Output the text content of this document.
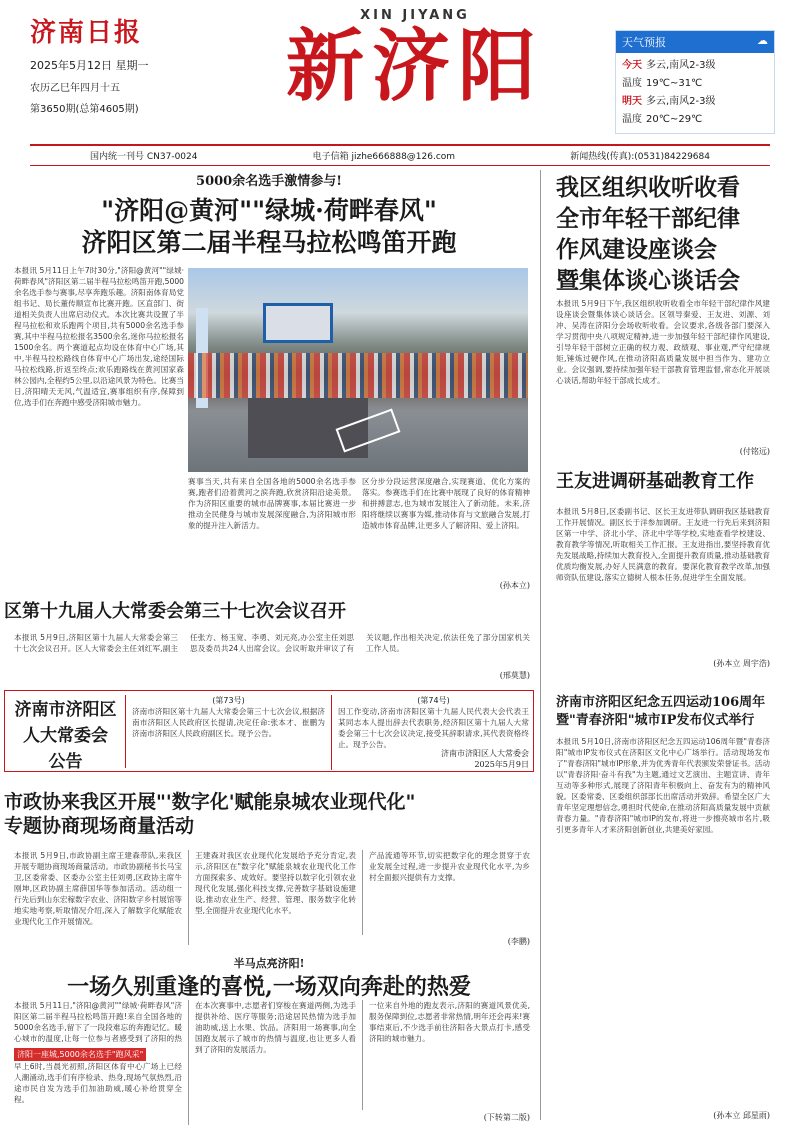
济南日报
2025年5月12日 星期一
农历乙巳年四月十五
第3650期(总第4605期)
XIN JIYANG
新济阳	天气预报	☁
今天 多云,南风2-3级
温度 19℃~31℃
明天 多云,南风2-3级
温度 20℃~29℃
国内统一刊号 CN37-0024	电子信箱 jizhe666888@126.com	新闻热线(传真):(0531)84229684
5000余名选手激情参与!
"济阳@黄河""绿城·荷畔春风"
济阳区第二届半程马拉松鸣笛开跑
本报讯 5月11日上午7时30分,"济阳@黄河""绿城·荷畔春风"济阳区第二届半程马拉松鸣笛开跑,5000余名选手参与赛事,尽享奔跑乐趣。济阳南体育局党组书记、局长董传顺宣布比赛开跑。区直部门、街道相关负责人出席启动仪式。本次比赛共设置了半程马拉松和欢乐跑两个项目,共有5000余名选手参赛,其中半程马拉松报名3500余名,迷你马拉松报名1500余名。两个赛道起点均设在体育中心广场,其中,半程马拉松路线自体育中心广场出发,途经国际马拉松线路,折返至终点;欢乐跑路线在黄河国家森林公园内,全程约5公里,以沿途风景为特色。比赛当日,济阳晴天无风,气温适宜,赛事组织有序,保障到位,选手们在奔跑中感受济阳城市魅力。
赛事当天,共有来自全国各地的5000余名选手参赛,跑者们沿着黄河之滨奔跑,欣赏济阳沿途美景。作为济阳区重要的城市品牌赛事,本届比赛进一步推动全民健身与城市发展深度融合,为济阳城市形象的提升注入新活力。
区分步分段运营深度融合,实现赛道、优化方案的落实。参赛选手们在比赛中展现了良好的体育精神和拼搏意志,也为城市发展注入了新动能。未来,济阳将继续以赛事为媒,推动体育与文旅融合发展,打造城市体育品牌,让更多人了解济阳、爱上济阳。
(孙本立)
区第十九届人大常委会第三十七次会议召开
本报讯 5月9日,济阳区第十九届人大常委会第三十七次会议召开。区人大常委会主任刘红军,副主任张方、杨玉宽、李勇、刘元亮,办公室主任刘思思及委员共24人出席会议。会议听取并审议了有关议题,作出相关决定,依法任免了部分国家机关工作人员。
(邢莫慧)
济南市济阳区
人大常委会
公告
(第73号)
济南市济阳区第十九届人大常委会第三十七次会议,根据济南市济阳区人民政府区长提请,决定任命:张本才、崔鹏为济南市济阳区人民政府副区长。现予公告。
(第74号)
因工作变动,济南市济阳区第十九届人民代表大会代表王某同志本人提出辞去代表职务,经济阳区第十九届人大常委会第三十七次会议决定,接受其辞职请求,其代表资格终止。现予公告。
济南市济阳区人大常委会
2025年5月9日
市政协来我区开展"'数字化'赋能泉城农业现代化"
专题协商现场商量活动
本报讯 5月9日,市政协副主席王建森带队,来我区开展专题协商现场商量活动。市政协副秘书长马宝卫,区委常委、区委办公室主任刘勇,区政协主席牛刚坤,区政协副主席薛国华等参加活动。活动组一行先后到山东宏稼数字农业、济阳数字乡村展馆等地实地考察,听取情况介绍,深入了解数字化赋能农业现代化工作开展情况。
王建森对我区农业现代化发展给予充分肯定,表示,济阳区在"数字化"赋能泉城农业现代化工作方面探索多、成效好。要坚持以数字化引领农业现代化发展,强化科技支撑,完善数字基础设施建设,推动农业生产、经营、管理、服务数字化转型,全面提升农业现代化水平。
产品流通等环节,切实把数字化的理念贯穿于农业发展全过程,进一步提升农业现代化水平,为乡村全面振兴提供有力支撑。
(李鹏)
半马点亮济阳!
一场久别重逢的喜悦,一场双向奔赴的热爱
本报讯 5月11日,"济阳@黄河""绿城·荷畔春风"济阳区第二届半程马拉松鸣笛开跑!来自全国各地的5000余名选手,留下了一段段难忘的奔跑记忆。暖心城市的温度,让每一位参与者感受到了济阳的热
济阳一座城,5000余名选手"跑风采"
早上6时,当晨光初照,济阳区体育中心广场上已经人潮涌动,选手们有序检录、热身,现场气氛热烈,沿途市民自发为选手们加油助威,暖心补给贯穿全程。
在本次赛事中,志愿者们穿梭在赛道两侧,为选手提供补给、医疗等服务;沿途居民热情为选手加油助威,送上水果、饮品。济阳用一场赛事,向全国跑友展示了城市的热情与温度,也让更多人看到了济阳的发展活力。
一位来自外地的跑友表示,济阳的赛道风景优美,服务保障到位,志愿者非常热情,明年还会再来!赛事结束后,不少选手前往济阳各大景点打卡,感受济阳的城市魅力。
(下转第二版)
我区组织收听收看
全市年轻干部纪律
作风建设座谈会
暨集体谈心谈话会
本报讯 5月9日下午,我区组织收听收看全市年轻干部纪律作风建设座谈会暨集体谈心谈话会。区领导秦爱、王友进、刘源、刘冲、吴涛在济阳分会场收听收看。会议要求,各级各部门要深入学习贯彻中央八项规定精神,进一步加强年轻干部纪律作风建设,引导年轻干部树立正确的权力观、政绩观、事业观,严守纪律规矩,锤炼过硬作风,在推动济阳高质量发展中担当作为、建功立业。会议强调,要持续加强年轻干部教育管理监督,常态化开展谈心谈话,帮助年轻干部成长成才。
(付铭远)
王友进调研基础教育工作
本报讯 5月8日,区委副书记、区长王友进带队调研我区基础教育工作开展情况。副区长于洋参加调研。王友进一行先后来到济阳区第一中学、济北小学、济北中学等学校,实地查看学校建设、教育教学等情况,听取相关工作汇报。王友进指出,要坚持教育优先发展战略,持续加大教育投入,全面提升教育质量,推动基础教育优质均衡发展,办好人民满意的教育。要深化教育教学改革,加强师资队伍建设,落实立德树人根本任务,促进学生全面发展。
(孙本立 周宇浩)
济南市济阳区纪念五四运动106周年
暨"青春济阳"城市IP发布仪式举行
本报讯 5月10日,济南市济阳区纪念五四运动106周年暨"青春济阳"城市IP发布仪式在济阳区文化中心广场举行。活动现场发布了"青春济阳"城市IP形象,并为优秀青年代表颁发荣誉证书。活动以"青春济阳·奋斗有我"为主题,通过文艺演出、主题宣讲、青年互动等多种形式,展现了济阳青年积极向上、奋发有为的精神风貌。区委常委、区委组织部部长出席活动并致辞。希望全区广大青年坚定理想信念,勇担时代使命,在推动济阳高质量发展中贡献青春力量。"青春济阳"城市IP的发布,将进一步擦亮城市名片,吸引更多青年人才来济阳创新创业,共建美好家园。
(孙本立 邱星雨)
